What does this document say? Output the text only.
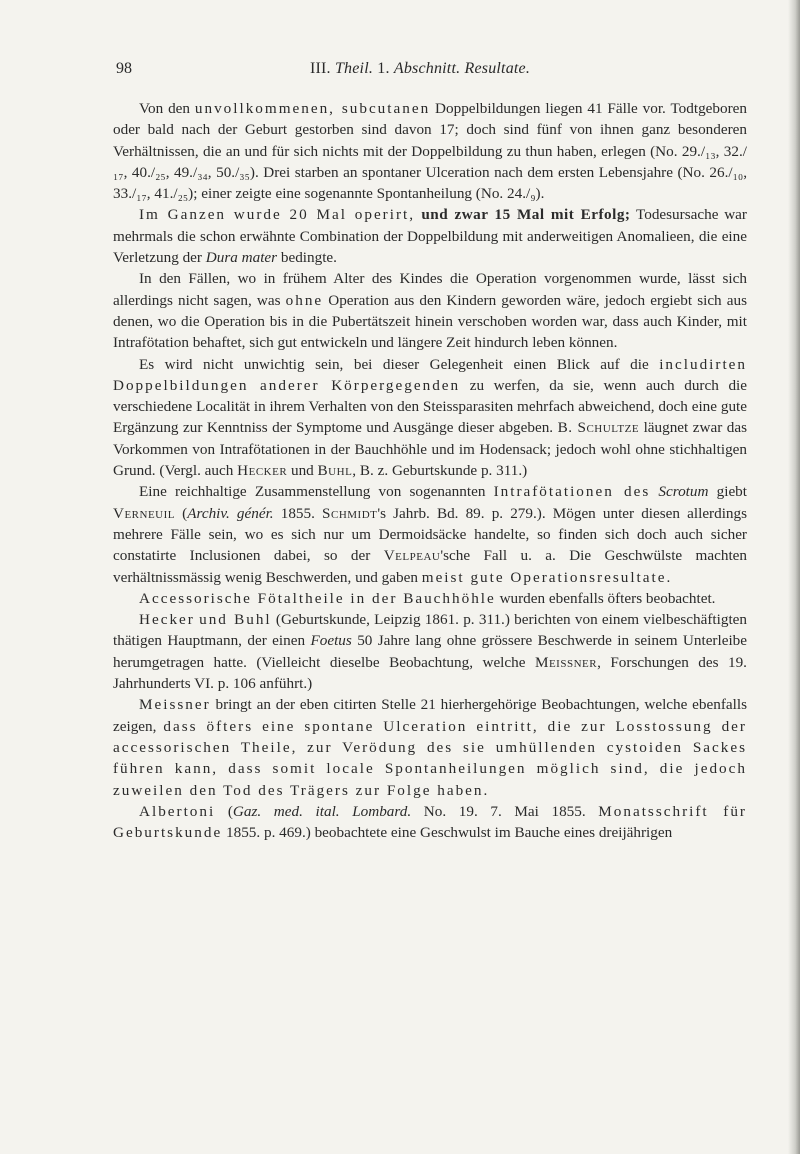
98	III. Theil. 1. Abschnitt. Resultate.

Von den unvollkommenen, subcutanen Doppelbildungen liegen 41 Fälle vor. Todtgeboren oder bald nach der Geburt gestorben sind davon 17; doch sind fünf von ihnen ganz besonderen Verhältnissen, die an und für sich nichts mit der Doppelbildung zu thun haben, erlegen (No. 29./₁₃, 32./₁₇, 40./₂₅, 49./₃₄, 50./₃₅). Drei starben an spontaner Ulceration nach dem ersten Lebensjahre (No. 26./₁₀, 33./₁₇, 41./₂₅); einer zeigte eine sogenannte Spontanheilung (No. 24./₉).

Im Ganzen wurde 20 Mal operirt, und zwar 15 Mal mit Erfolg; Todesursache war mehrmals die schon erwähnte Combination der Doppelbildung mit anderweitigen Anomalieen, die eine Verletzung der Dura mater bedingte.

In den Fällen, wo in frühem Alter des Kindes die Operation vorgenommen wurde, lässt sich allerdings nicht sagen, was ohne Operation aus den Kindern geworden wäre, jedoch ergiebt sich aus denen, wo die Operation bis in die Pubertätszeit hinein verschoben worden war, dass auch Kinder, mit Intrafötation behaftet, sich gut entwickeln und längere Zeit hindurch leben können.

Es wird nicht unwichtig sein, bei dieser Gelegenheit einen Blick auf die includirten Doppelbildungen anderer Körpergegenden zu werfen, da sie, wenn auch durch die verschiedene Localität in ihrem Verhalten von den Steissparasiten mehrfach abweichend, doch eine gute Ergänzung zur Kenntniss der Symptome und Ausgänge dieser abgeben. B. Schultze läugnet zwar das Vorkommen von Intrafötationen in der Bauchhöhle und im Hodensack; jedoch wohl ohne stichhaltigen Grund. (Vergl. auch Hecker und Buhl, B. z. Geburtskunde p. 311.)

Eine reichhaltige Zusammenstellung von sogenannten Intrafötationen des Scrotum giebt Verneuil (Archiv. génér. 1855. Schmidt's Jahrb. Bd. 89. p. 279.). Mögen unter diesen allerdings mehrere Fälle sein, wo es sich nur um Dermoidsäcke handelte, so finden sich doch auch sicher constatirte Inclusionen dabei, so der Velpeau'sche Fall u. a. Die Geschwülste machten verhältnissmässig wenig Beschwerden, und gaben meist gute Operationsresultate.

Accessorische Fötaltheile in der Bauchhöhle wurden ebenfalls öfters beobachtet.

Hecker und Buhl (Geburtskunde, Leipzig 1861. p. 311.) berichten von einem vielbeschäftigten thätigen Hauptmann, der einen Foetus 50 Jahre lang ohne grössere Beschwerde in seinem Unterleibe herumgetragen hatte. (Vielleicht dieselbe Beobachtung, welche Meissner, Forschungen des 19. Jahrhunderts VI. p. 106 anführt.)

Meissner bringt an der eben citirten Stelle 21 hierhergehörige Beobachtungen, welche ebenfalls zeigen, dass öfters eine spontane Ulceration eintritt, die zur Losstossung der accessorischen Theile, zur Verödung des sie umhüllenden cystoiden Sackes führen kann, dass somit locale Spontanheilungen möglich sind, die jedoch zuweilen den Tod des Trägers zur Folge haben.

Albertoni (Gaz. med. ital. Lombard. No. 19. 7. Mai 1855. Monatsschrift für Geburtskunde 1855. p. 469.) beobachtete eine Geschwulst im Bauche eines dreijährigen
